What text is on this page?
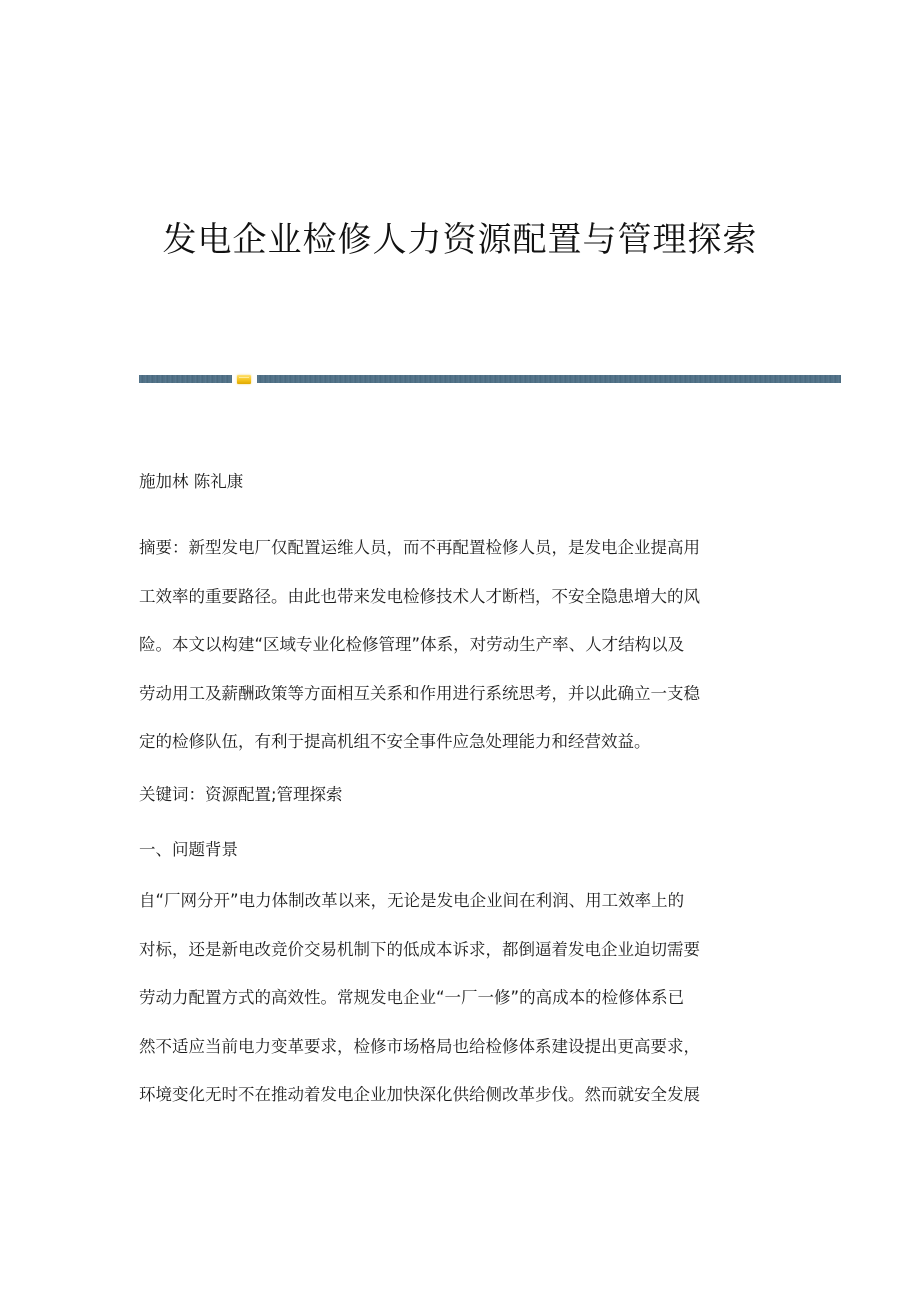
发电企业检修人力资源配置与管理探索

施加林 陈礼康

摘要：新型发电厂仅配置运维人员，而不再配置检修人员，是发电企业提高用
工效率的重要路径。由此也带来发电检修技术人才断档，不安全隐患增大的风
险。本文以构建“区域专业化检修管理”体系，对劳动生产率、人才结构以及
劳动用工及薪酬政策等方面相互关系和作用进行系统思考，并以此确立一支稳
定的检修队伍，有利于提高机组不安全事件应急处理能力和经营效益。

关键词：资源配置;管理探索

一、问题背景

自“厂网分开”电力体制改革以来，无论是发电企业间在利润、用工效率上的
对标，还是新电改竞价交易机制下的低成本诉求，都倒逼着发电企业迫切需要
劳动力配置方式的高效性。常规发电企业“一厂一修”的高成本的检修体系已
然不适应当前电力变革要求，检修市场格局也给检修体系建设提出更高要求，
环境变化无时不在推动着发电企业加快深化供给侧改革步伐。然而就安全发展
